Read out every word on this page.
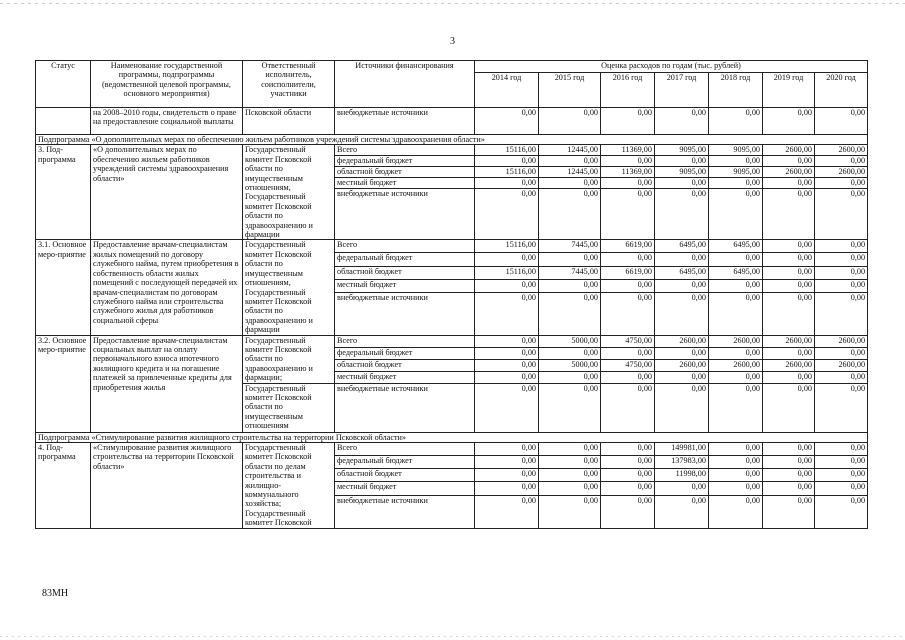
3
Статус	Наименование государственной программы, подпрограммы (ведомственной целевой программы, основного мероприятия)	Ответственный исполнитель, соисполнители, участники	Источники финансирования	Оценка расходов по годам (тыс. рублей)						
				2014 год	2015 год	2016 год	2017 год	2018 год	2019 год	2020 год
	на 2008–2010 годы, свидетельств о праве на предоставление социальной выплаты	Псковской области	внебюджетные источники	0,00	0,00	0,00	0,00	0,00	0,00	0,00
Подпрограмма «О дополнительных мерах по обеспечению жильем работников учреждений системы здравоохранения области»										
3. Под-программа	«О дополнительных мерах по обеспечению жильем работников учреждений системы здравоохранения области»	Государственный комитет Псковской области по имущественным отношениям, Государственный комитет Псковской области по здравоохранению и фармации	Всего	15116,00	12445,00	11369,00	9095,00	9095,00	2600,00	2600,00
			федеральный бюджет	0,00	0,00	0,00	0,00	0,00	0,00	0,00
			областной бюджет	15116,00	12445,00	11369,00	9095,00	9095,00	2600,00	2600,00
			местный бюджет	0,00	0,00	0,00	0,00	0,00	0,00	0,00
			внебюджетные источники	0,00	0,00	0,00	0,00	0,00	0,00	0,00
3.1. Основное меро-приятие	Предоставление врачам-специалистам жилых помещений по договору служебного найма, путем приобретения в собственность области жилых помещений с последующей передачей их врачам-специалистам по договорам служебного найма или строительства служебного жилья для работников социальной сферы	Государственный комитет Псковской области по имущественным отношениям, Государственный комитет Псковской области по здравоохранению и фармации	Всего	15116,00	7445,00	6619,00	6495,00	6495,00	0,00	0,00
			федеральный бюджет	0,00	0,00	0,00	0,00	0,00	0,00	0,00
			областной бюджет	15116,00	7445,00	6619,00	6495,00	6495,00	0,00	0,00
			местный бюджет	0,00	0,00	0,00	0,00	0,00	0,00	0,00
			внебюджетные источники	0,00	0,00	0,00	0,00	0,00	0,00	0,00
3.2. Основное меро-приятие	Предоставление врачам-специалистам социальных выплат на оплату первоначального взноса ипотечного жилищного кредита и на погашение платежей за привлеченные кредиты для приобретения жилья	Государственный комитет Псковской области по здравоохранению и фармации;	Всего	0,00	5000,00	4750,00	2600,00	2600,00	2600,00	2600,00
			федеральный бюджет	0,00	0,00	0,00	0,00	0,00	0,00	0,00
			областной бюджет	0,00	5000,00	4750,00	2600,00	2600,00	2600,00	2600,00
			местный бюджет	0,00	0,00	0,00	0,00	0,00	0,00	0,00
		Государственный комитет Псковской области по имущественным отношениям	внебюджетные источники	0,00	0,00	0,00	0,00	0,00	0,00	0,00
Подпрограмма «Стимулирование развития жилищного строительства на территории Псковской области»										
4. Под-программа	«Стимулирование развития жилищного строительства на территории Псковской области»	Государственный комитет Псковской области по делам строительства и жилищно-коммунального хозяйства; Государственный комитет Псковской	Всего	0,00	0,00	0,00	149981,00	0,00	0,00	0,00
			федеральный бюджет	0,00	0,00	0,00	137983,00	0,00	0,00	0,00
			областной бюджет	0,00	0,00	0,00	11998,00	0,00	0,00	0,00
			местный бюджет	0,00	0,00	0,00	0,00	0,00	0,00	0,00
			внебюджетные источники	0,00	0,00	0,00	0,00	0,00	0,00	0,00
83МН
